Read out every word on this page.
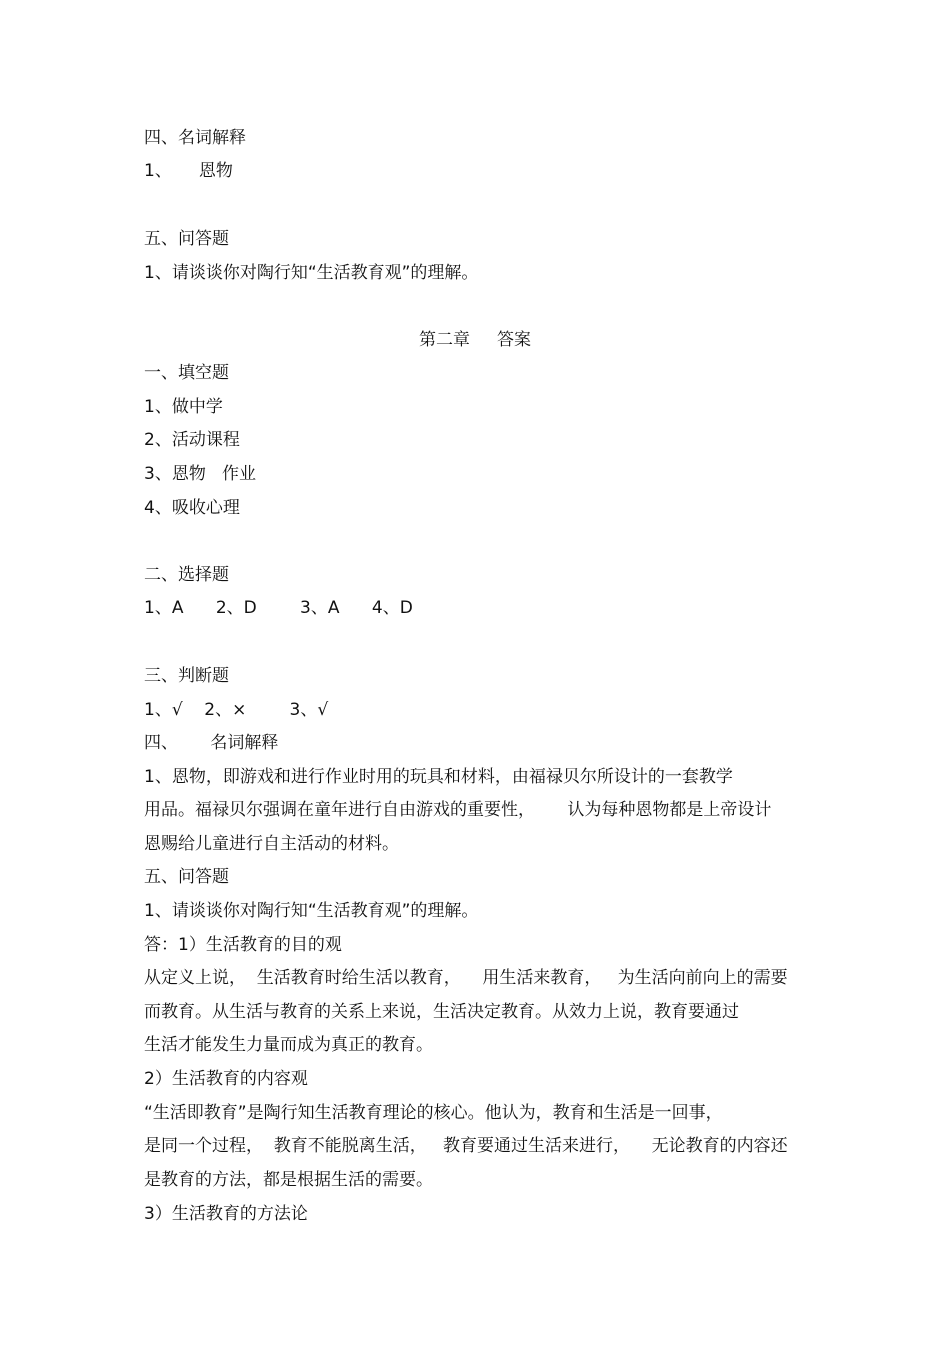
四、名词解释
1、     恩物
五、问答题
1、请谈谈你对陶行知“生活教育观”的理解。
第二章     答案
一、填空题
1、做中学
2、活动课程
3、恩物   作业
4、吸收心理
二、选择题
1、A      2、D        3、A      4、D
三、判断题
1、√    2、×        3、√
四、      名词解释
1、恩物，即游戏和进行作业时用的玩具和材料，由福禄贝尔所设计的一套教学
用品。福禄贝尔强调在童年进行自由游戏的重要性，      认为每种恩物都是上帝设计
恩赐给儿童进行自主活动的材料。
五、问答题
1、请谈谈你对陶行知“生活教育观”的理解。
答：1）生活教育的目的观
从定义上说，  生活教育时给生活以教育，    用生活来教育，   为生活向前向上的需要
而教育。从生活与教育的关系上来说，生活决定教育。从效力上说，教育要通过
生活才能发生力量而成为真正的教育。
2）生活教育的内容观
“生活即教育”是陶行知生活教育理论的核心。他认为，教育和生活是一回事，
是同一个过程，  教育不能脱离生活，   教育要通过生活来进行，    无论教育的内容还
是教育的方法，都是根据生活的需要。
3）生活教育的方法论
